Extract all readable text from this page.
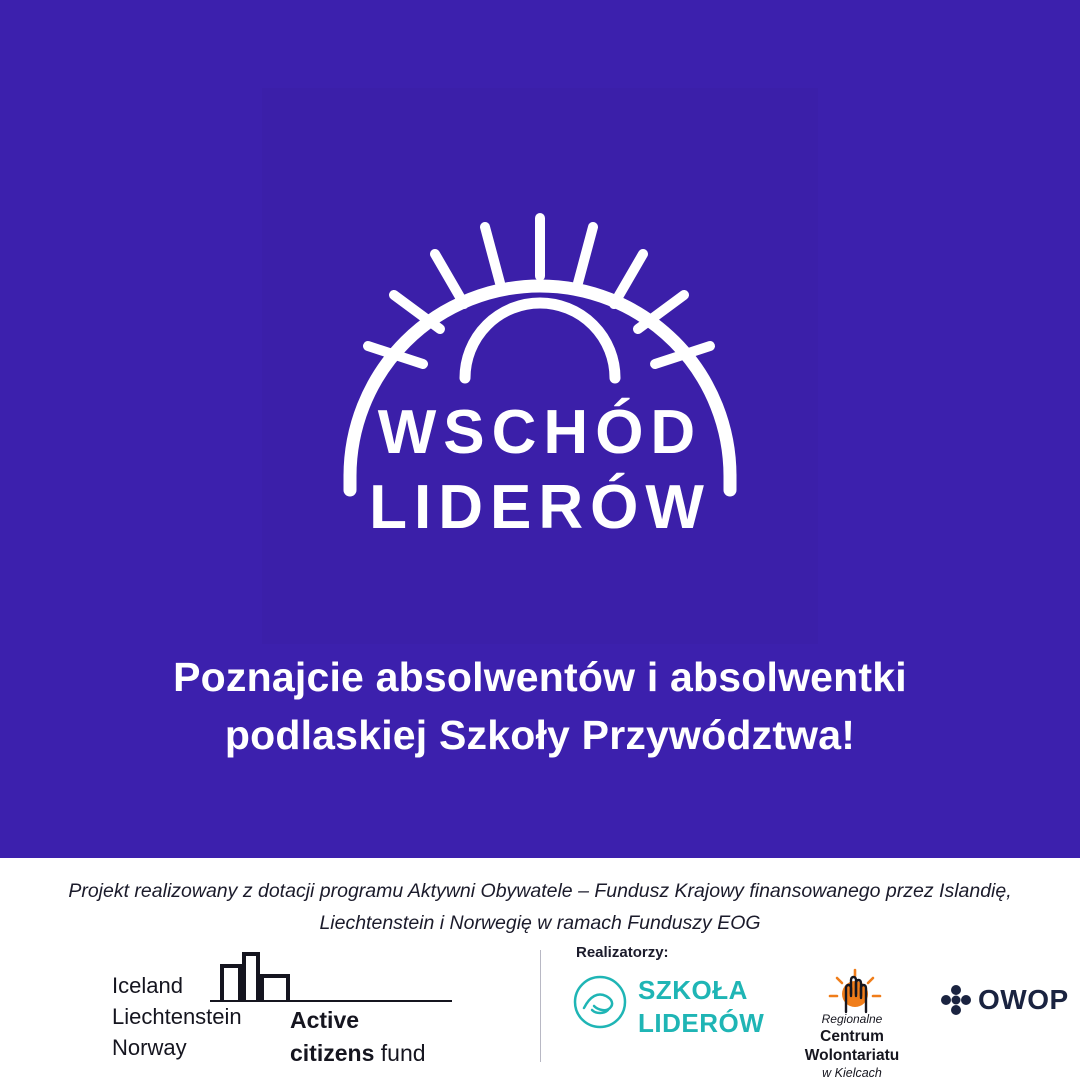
WSCHÓD
LIDERÓW
Poznajcie absolwentów i absolwentki
podlaskiej Szkoły Przywództwa!
Projekt realizowany z dotacji programu Aktywni Obywatele – Fundusz Krajowy finansowanego przez Islandię,
Liechtenstein i Norwegię w ramach Funduszy EOG
Iceland
Liechtenstein
Norway
Active
citizens fund
Realizatorzy:
SZKOŁA
LIDERÓW	Regionalne
Centrum Wolontariatu
w Kielcach
OWOP
